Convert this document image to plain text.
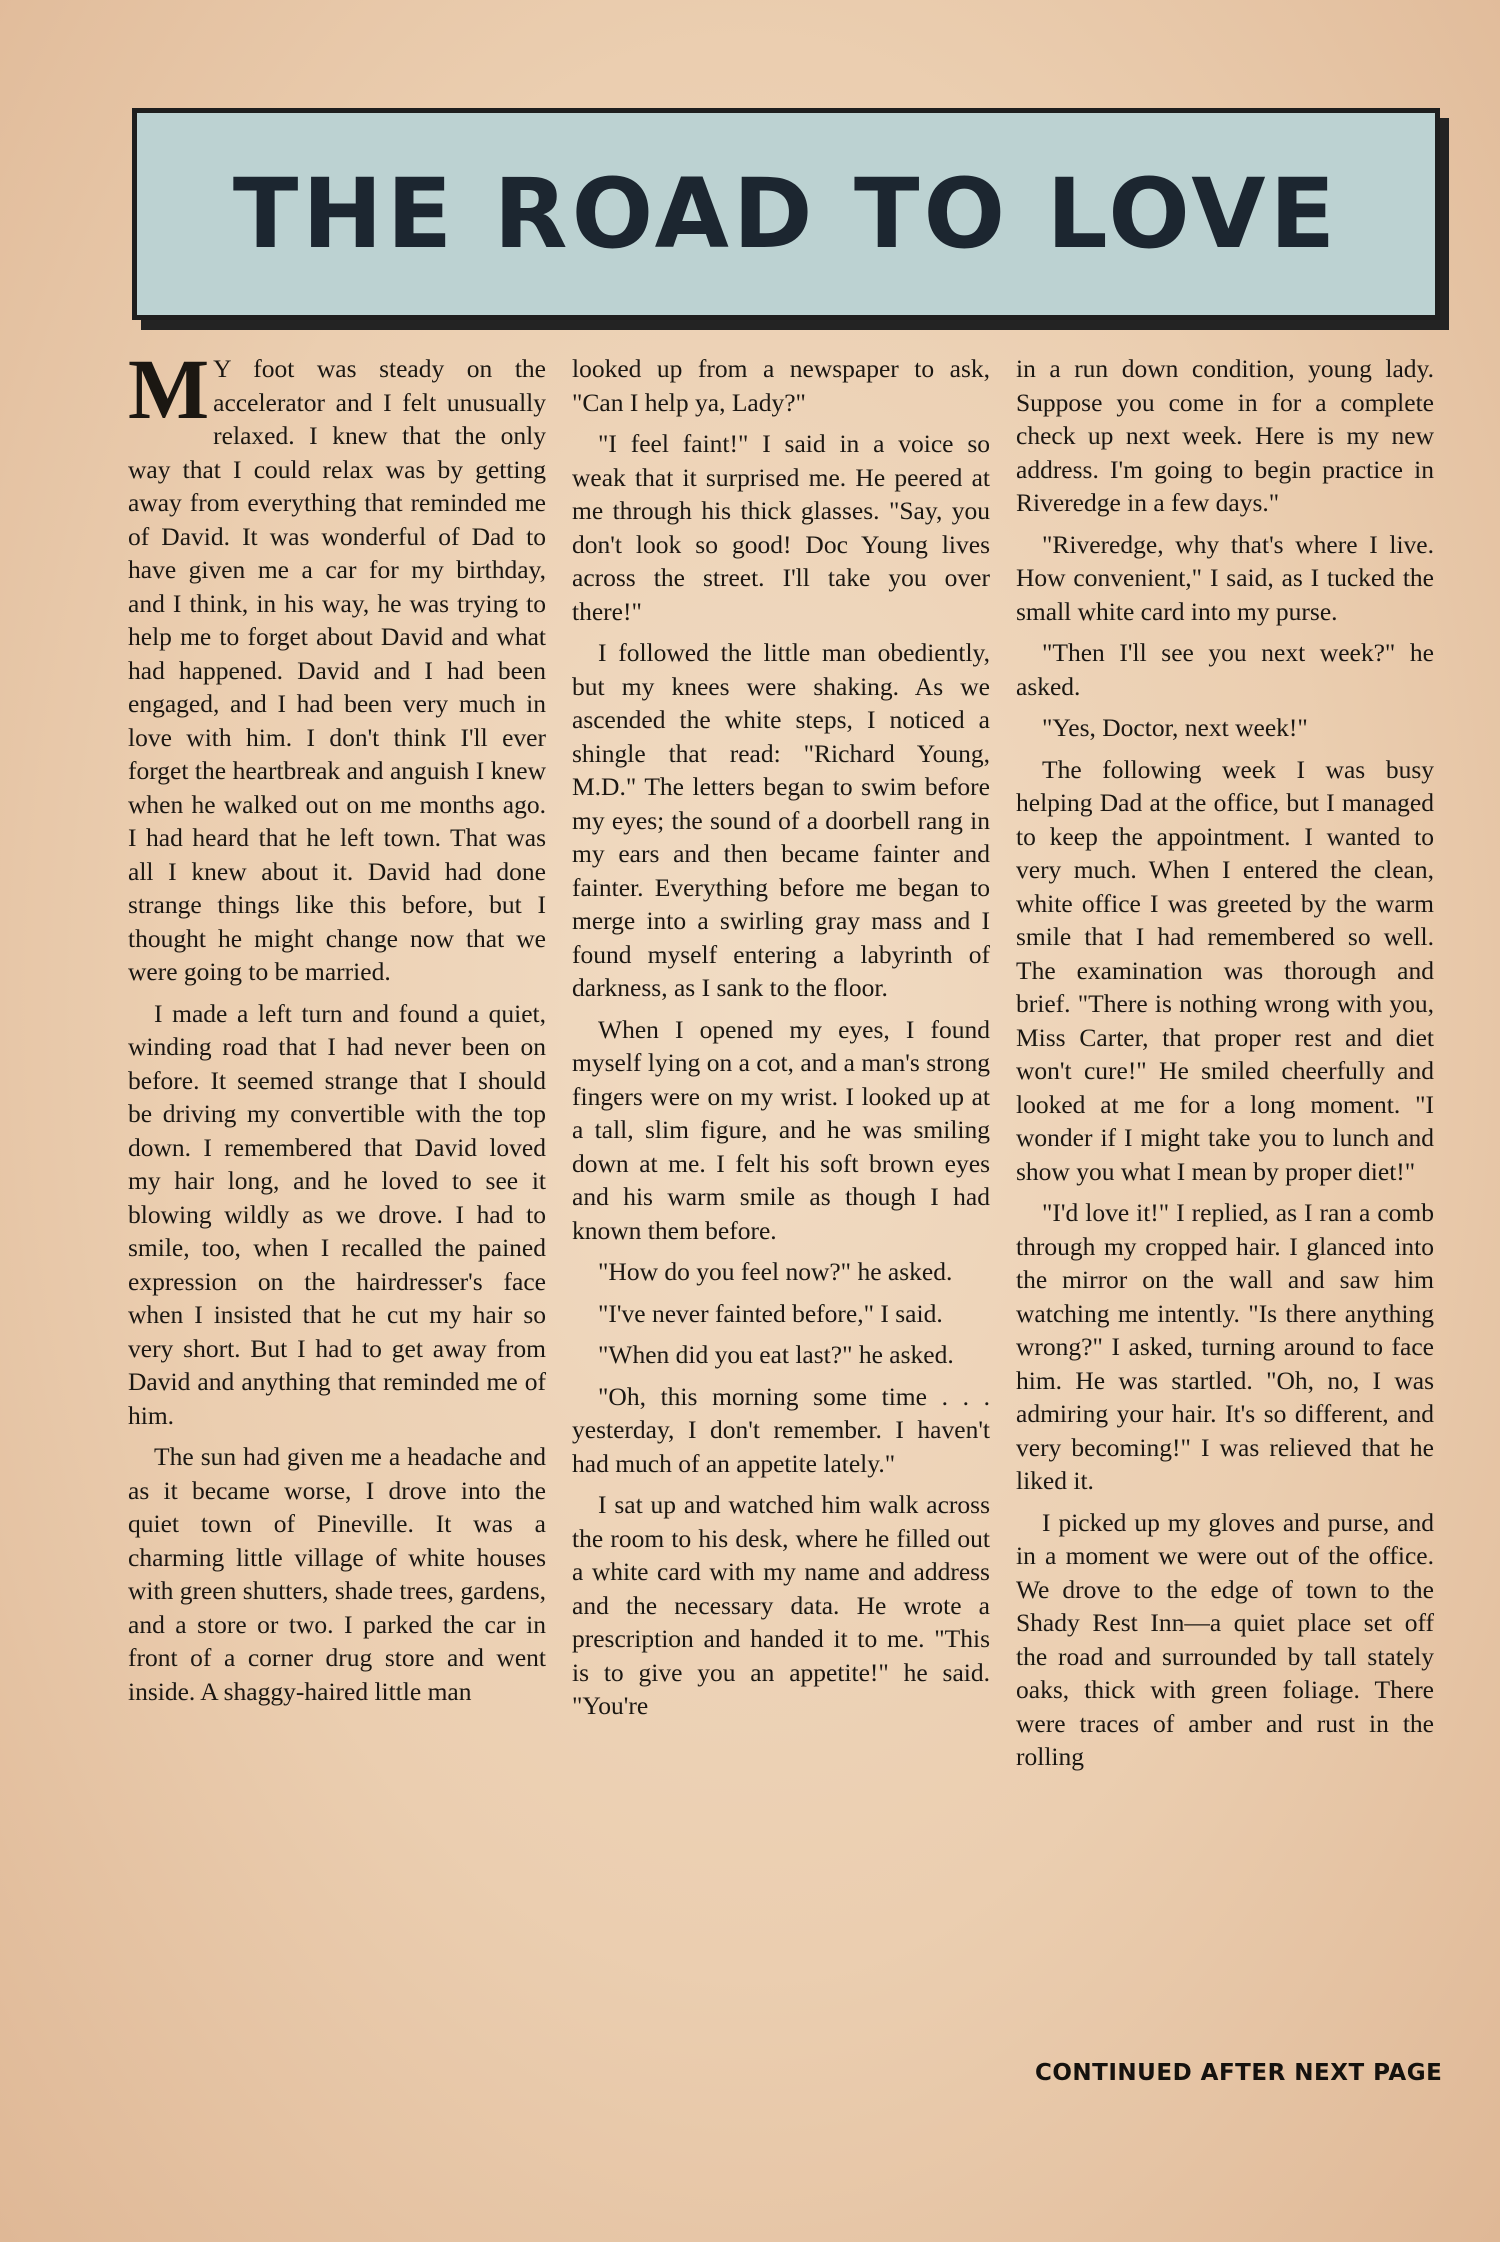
THE ROAD TO LOVE

M Y foot was steady on the accelerator and I felt unusually relaxed. I knew that the only way that I could relax was by getting away from everything that reminded me of David. It was wonderful of Dad to have given me a car for my birthday, and I think, in his way, he was trying to help me to forget about David and what had happened. David and I had been engaged, and I had been very much in love with him. I don't think I'll ever forget the heartbreak and anguish I knew when he walked out on me months ago. I had heard that he left town. That was all I knew about it. David had done strange things like this before, but I thought he might change now that we were going to be married.

I made a left turn and found a quiet, winding road that I had never been on before. It seemed strange that I should be driving my convertible with the top down. I remembered that David loved my hair long, and he loved to see it blowing wildly as we drove. I had to smile, too, when I recalled the pained expression on the hairdresser's face when I insisted that he cut my hair so very short. But I had to get away from David and anything that reminded me of him.

The sun had given me a headache and as it became worse, I drove into the quiet town of Pineville. It was a charming little village of white houses with green shutters, shade trees, gardens, and a store or two. I parked the car in front of a corner drug store and went inside. A shaggy-haired little man

looked up from a newspaper to ask, "Can I help ya, Lady?"

"I feel faint!" I said in a voice so weak that it surprised me. He peered at me through his thick glasses. "Say, you don't look so good! Doc Young lives across the street. I'll take you over there!"

I followed the little man obediently, but my knees were shaking. As we ascended the white steps, I noticed a shingle that read: "Richard Young, M.D." The letters began to swim before my eyes; the sound of a doorbell rang in my ears and then became fainter and fainter. Everything before me began to merge into a swirling gray mass and I found myself entering a labyrinth of darkness, as I sank to the floor.

When I opened my eyes, I found myself lying on a cot, and a man's strong fingers were on my wrist. I looked up at a tall, slim figure, and he was smiling down at me. I felt his soft brown eyes and his warm smile as though I had known them before.

"How do you feel now?" he asked.

"I've never fainted before," I said.

"When did you eat last?" he asked.

"Oh, this morning some time . . . yesterday, I don't remember. I haven't had much of an appetite lately."

I sat up and watched him walk across the room to his desk, where he filled out a white card with my name and address and the necessary data. He wrote a prescription and handed it to me. "This is to give you an appetite!" he said. "You're

in a run down condition, young lady. Suppose you come in for a complete check up next week. Here is my new address. I'm going to begin practice in Riveredge in a few days."

"Riveredge, why that's where I live. How convenient," I said, as I tucked the small white card into my purse.

"Then I'll see you next week?" he asked.

"Yes, Doctor, next week!"

The following week I was busy helping Dad at the office, but I managed to keep the appointment. I wanted to very much. When I entered the clean, white office I was greeted by the warm smile that I had remembered so well. The examination was thorough and brief. "There is nothing wrong with you, Miss Carter, that proper rest and diet won't cure!" He smiled cheerfully and looked at me for a long moment. "I wonder if I might take you to lunch and show you what I mean by proper diet!"

"I'd love it!" I replied, as I ran a comb through my cropped hair. I glanced into the mirror on the wall and saw him watching me intently. "Is there anything wrong?" I asked, turning around to face him. He was startled. "Oh, no, I was admiring your hair. It's so different, and very becoming!" I was relieved that he liked it.

I picked up my gloves and purse, and in a moment we were out of the office. We drove to the edge of town to the Shady Rest Inn—a quiet place set off the road and surrounded by tall stately oaks, thick with green foliage. There were traces of amber and rust in the rolling

CONTINUED AFTER NEXT PAGE
